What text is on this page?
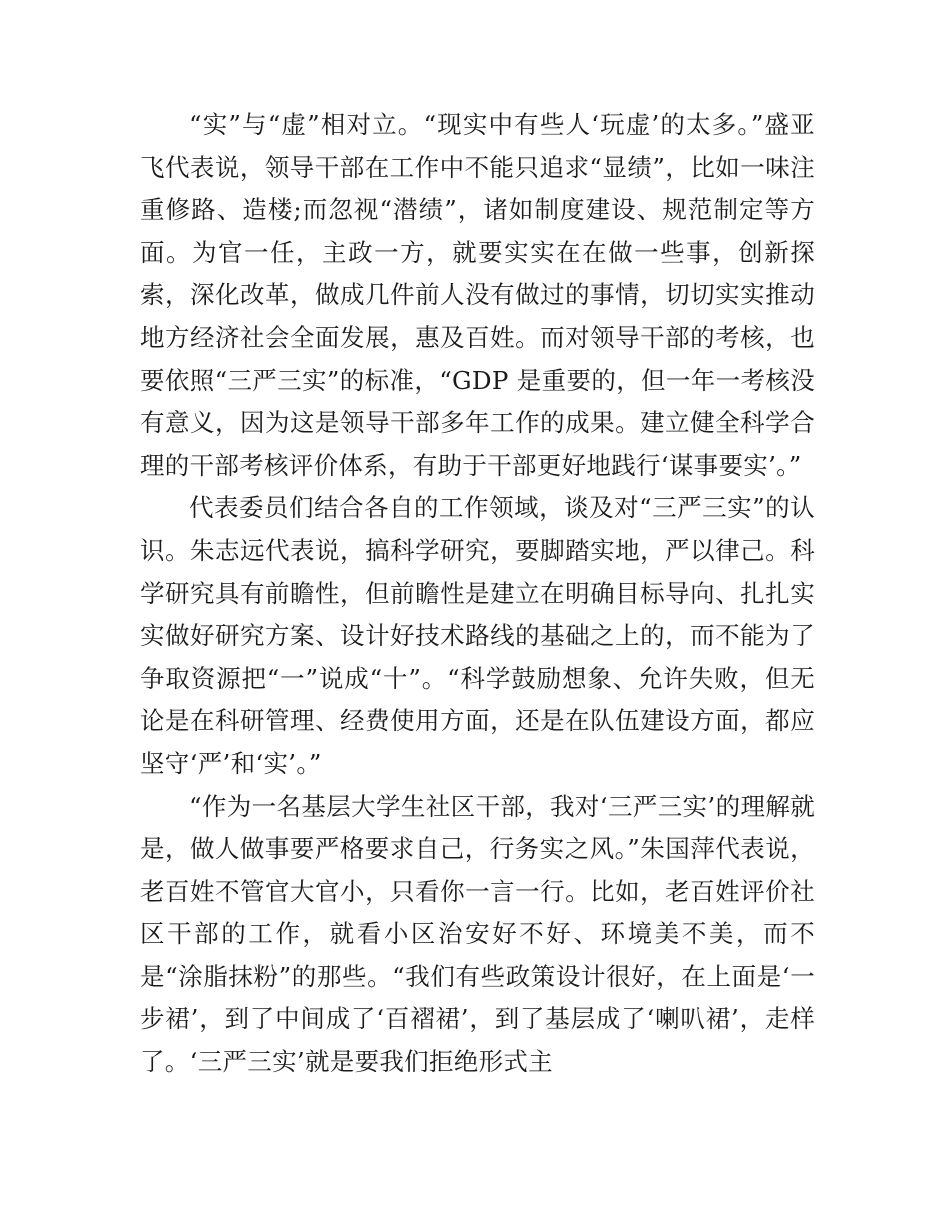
“实”与“虚”相对立。“现实中有些人‘玩虚’的太多。”盛亚飞代表说，领导干部在工作中不能只追求“显绩”，比如一味注重修路、造楼;而忽视“潜绩”，诸如制度建设、规范制定等方面。为官一任，主政一方，就要实实在在做一些事，创新探索，深化改革，做成几件前人没有做过的事情，切切实实推动地方经济社会全面发展，惠及百姓。而对领导干部的考核，也要依照“三严三实”的标准，“GDP 是重要的，但一年一考核没有意义，因为这是领导干部多年工作的成果。建立健全科学合理的干部考核评价体系，有助于干部更好地践行‘谋事要实’。”

代表委员们结合各自的工作领域，谈及对“三严三实”的认识。朱志远代表说，搞科学研究，要脚踏实地，严以律己。科学研究具有前瞻性，但前瞻性是建立在明确目标导向、扎扎实实做好研究方案、设计好技术路线的基础之上的，而不能为了争取资源把“一”说成“十”。“科学鼓励想象、允许失败，但无论是在科研管理、经费使用方面，还是在队伍建设方面，都应坚守‘严’和‘实’。”

“作为一名基层大学生社区干部，我对‘三严三实’的理解就是，做人做事要严格要求自己，行务实之风。”朱国萍代表说，老百姓不管官大官小，只看你一言一行。比如，老百姓评价社区干部的工作，就看小区治安好不好、环境美不美，而不是“涂脂抹粉”的那些。“我们有些政策设计很好，在上面是‘一步裙’，到了中间成了‘百褶裙’，到了基层成了‘喇叭裙’，走样了。‘三严三实’就是要我们拒绝形式主
